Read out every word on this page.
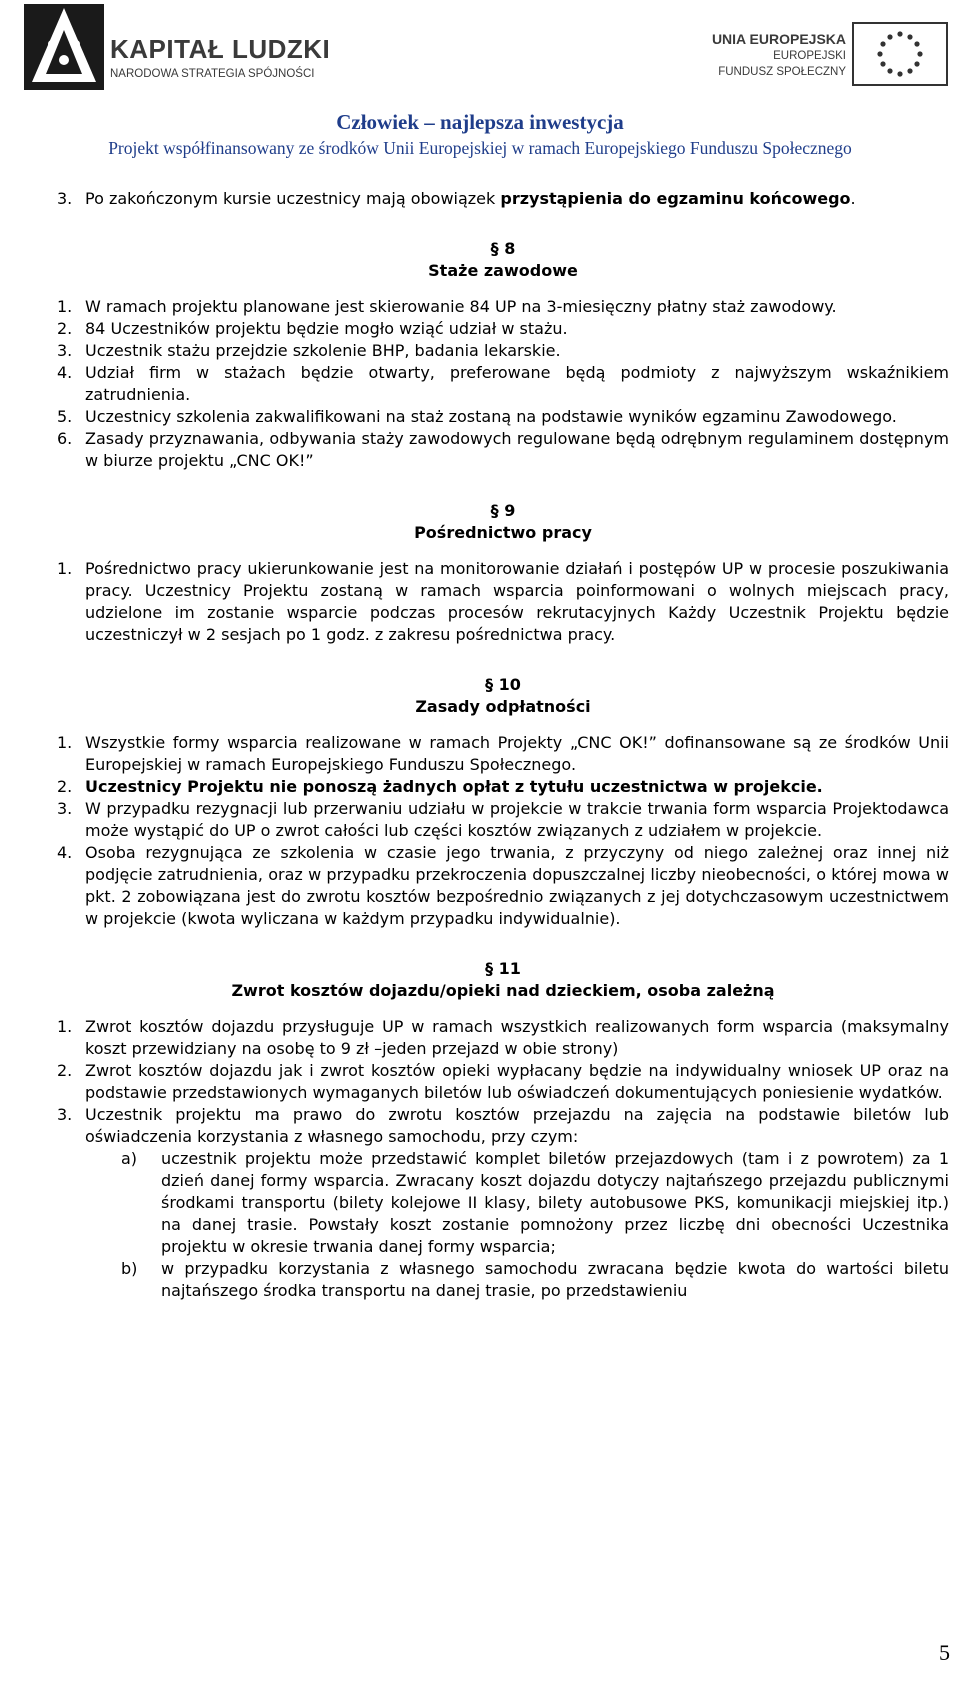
KAPITAŁ LUDZKI
NARODOWA STRATEGIA SPÓJNOŚCI
UNIA EUROPEJSKA
EUROPEJSKI
FUNDUSZ SPOŁECZNY
Człowiek – najlepsza inwestycja
Projekt współfinansowany ze środków Unii Europejskiej w ramach Europejskiego Funduszu Społecznego
3. Po zakończonym kursie uczestnicy mają obowiązek przystąpienia do egzaminu końcowego.
§ 8
Staże zawodowe
1. W ramach projektu planowane jest skierowanie 84 UP na 3-miesięczny płatny staż zawodowy.
2. 84 Uczestników projektu będzie mogło wziąć udział w stażu.
3. Uczestnik stażu przejdzie szkolenie BHP, badania lekarskie.
4. Udział firm w stażach będzie otwarty, preferowane będą podmioty z najwyższym wskaźnikiem zatrudnienia.
5. Uczestnicy szkolenia zakwalifikowani na staż zostaną na podstawie wyników egzaminu Zawodowego.
6. Zasady przyznawania, odbywania staży zawodowych regulowane będą odrębnym regulaminem dostępnym w biurze projektu „CNC OK!”
§ 9
Pośrednictwo pracy
1. Pośrednictwo pracy ukierunkowanie jest na monitorowanie działań i postępów UP w procesie poszukiwania pracy. Uczestnicy Projektu zostaną w ramach wsparcia poinformowani o wolnych miejscach pracy, udzielone im zostanie wsparcie podczas procesów rekrutacyjnych Każdy Uczestnik Projektu będzie uczestniczył w 2 sesjach po 1 godz. z zakresu pośrednictwa pracy.
§ 10
Zasady odpłatności
1. Wszystkie formy wsparcia realizowane w ramach Projekty „CNC OK!” dofinansowane są ze środków Unii Europejskiej w ramach Europejskiego Funduszu Społecznego.
2. Uczestnicy Projektu nie ponoszą żadnych opłat z tytułu uczestnictwa w projekcie.
3. W przypadku rezygnacji lub przerwaniu udziału w projekcie w trakcie trwania form wsparcia Projektodawca może wystąpić do UP o zwrot całości lub części kosztów związanych z udziałem w projekcie.
4. Osoba rezygnująca ze szkolenia w czasie jego trwania, z przyczyny od niego zależnej oraz innej niż podjęcie zatrudnienia, oraz w przypadku przekroczenia dopuszczalnej liczby nieobecności, o której mowa w pkt. 2 zobowiązana jest do zwrotu kosztów bezpośrednio związanych z jej dotychczasowym uczestnictwem w projekcie (kwota wyliczana w każdym przypadku indywidualnie).
§ 11
Zwrot kosztów dojazdu/opieki nad dzieckiem, osoba zależną
1. Zwrot kosztów dojazdu przysługuje UP w ramach wszystkich realizowanych form wsparcia (maksymalny koszt przewidziany na osobę to 9 zł –jeden przejazd w obie strony)
2. Zwrot kosztów dojazdu jak i zwrot kosztów opieki wypłacany będzie na indywidualny wniosek UP oraz na podstawie przedstawionych wymaganych biletów lub oświadczeń dokumentujących poniesienie wydatków.
3. Uczestnik projektu ma prawo do zwrotu kosztów przejazdu na zajęcia na podstawie biletów lub oświadczenia korzystania z własnego samochodu, przy czym:
a) uczestnik projektu może przedstawić komplet biletów przejazdowych (tam i z powrotem) za 1 dzień danej formy wsparcia. Zwracany koszt dojazdu dotyczy najtańszego przejazdu publicznymi środkami transportu (bilety kolejowe II klasy, bilety autobusowe PKS, komunikacji miejskiej itp.) na danej trasie. Powstały koszt zostanie pomnożony przez liczbę dni obecności Uczestnika projektu w okresie trwania danej formy wsparcia;
b) w przypadku korzystania z własnego samochodu zwracana będzie kwota do wartości biletu najtańszego środka transportu na danej trasie, po przedstawieniu
5
